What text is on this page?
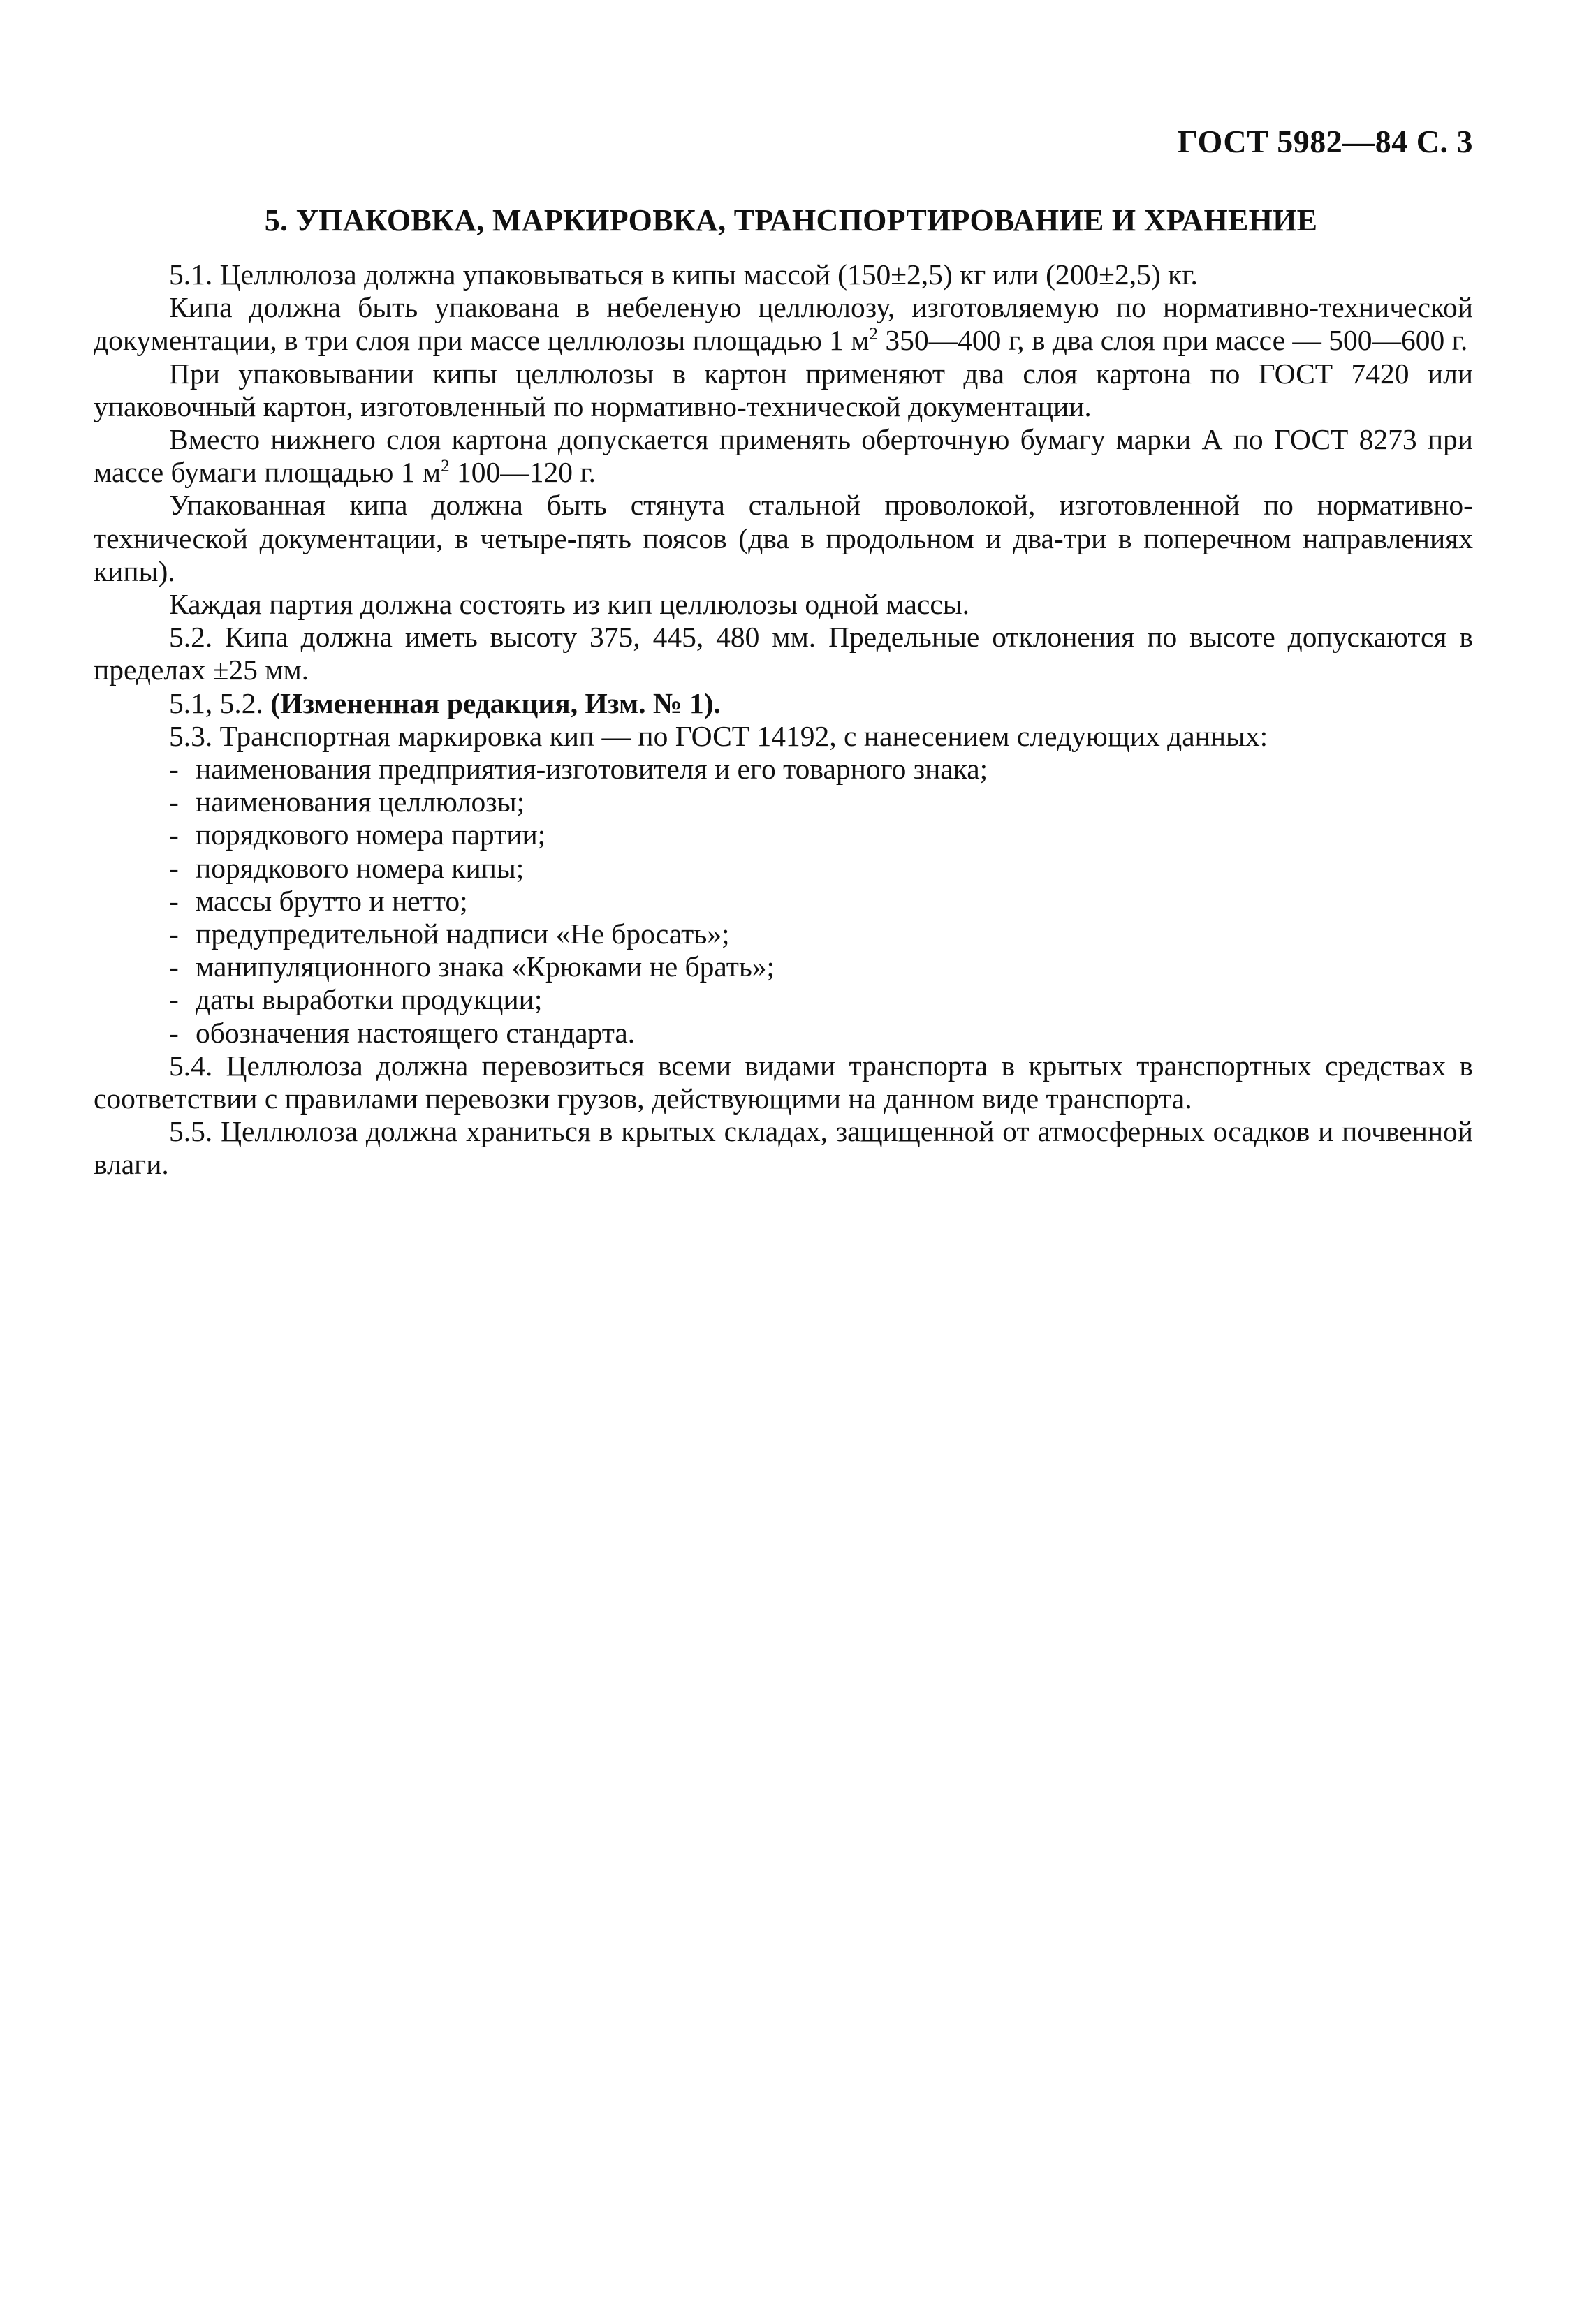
ГОСТ 5982—84 С. 3
5. УПАКОВКА, МАРКИРОВКА, ТРАНСПОРТИРОВАНИЕ И ХРАНЕНИЕ

5.1. Целлюлоза должна упаковываться в кипы массой (150±2,5) кг или (200±2,5) кг.

Кипа должна быть упакована в небеленую целлюлозу, изготовляемую по нормативно-технической документации, в три слоя при массе целлюлозы площадью 1 $м^2$ 350—400 г, в два слоя при массе — 500—600 г.

При упаковывании кипы целлюлозы в картон применяют два слоя картона по ГОСТ 7420 или упаковочный картон, изготовленный по нормативно-технической документации.

Вместо нижнего слоя картона допускается применять оберточную бумагу марки А по ГОСТ 8273 при массе бумаги площадью 1 $м^2$ 100—120 г.

Упакованная кипа должна быть стянута стальной проволокой, изготовленной по нормативно-технической документации, в четыре-пять поясов (два в продольном и два-три в поперечном направлениях кипы).

Каждая партия должна состоять из кип целлюлозы одной массы.

5.2. Кипа должна иметь высоту 375, 445, 480 мм. Предельные отклонения по высоте допускаются в пределах ±25 мм.

5.1, 5.2. (Измененная редакция, Изм. № 1).

5.3. Транспортная маркировка кип — по ГОСТ 14192, с нанесением следующих данных:

- наименования предприятия-изготовителя и его товарного знака;

- наименования целлюлозы;

- порядкового номера партии;

- порядкового номера кипы;

- массы брутто и нетто;

- предупредительной надписи «Не бросать»;

- манипуляционного знака «Крюками не брать»;

- даты выработки продукции;

- обозначения настоящего стандарта.

5.4. Целлюлоза должна перевозиться всеми видами транспорта в крытых транспортных средствах в соответствии с правилами перевозки грузов, действующими на данном виде транспорта.

5.5. Целлюлоза должна храниться в крытых складах, защищенной от атмосферных осадков и почвенной влаги.
